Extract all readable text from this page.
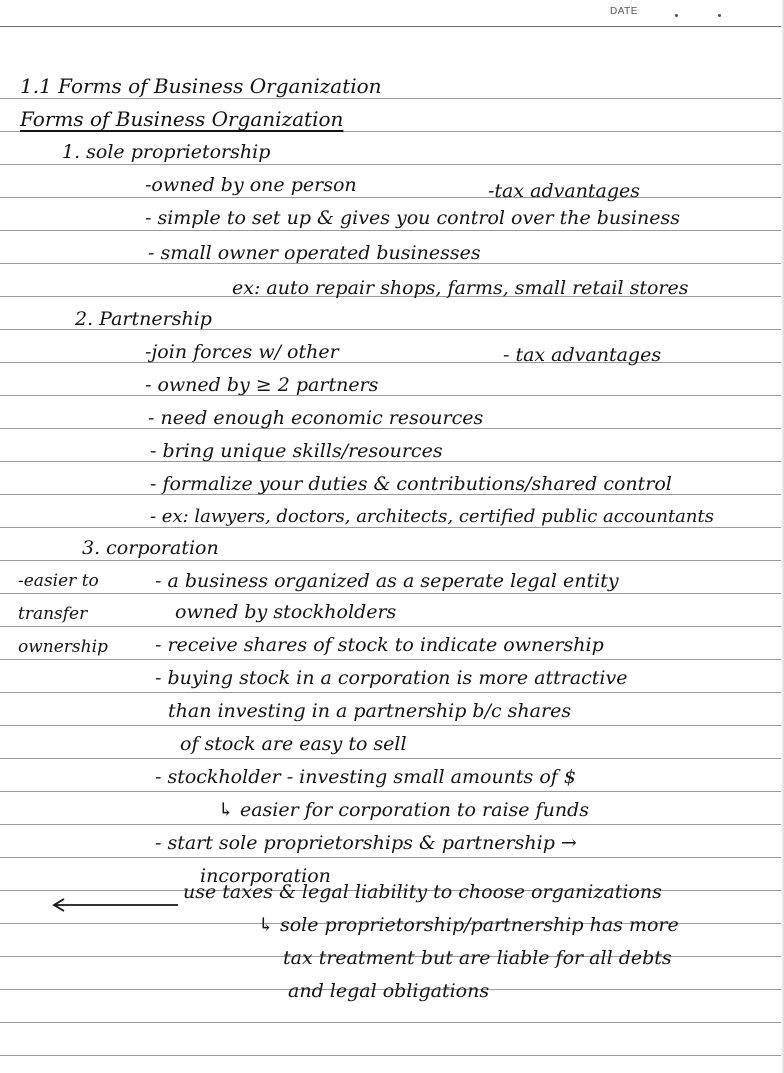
DATE
1.1 Forms of Business Organization
Forms of Business Organization
1. sole proprietorship
-owned by one person	-tax advantages
- simple to set up & gives you control over the business
- small owner operated businesses
ex: auto repair shops, farms, small retail stores
2. Partnership
-join forces w/ other	- tax advantages
- owned by ≥ 2 partners
- need enough economic resources
- bring unique skills/resources
- formalize your duties & contributions/shared control
- ex: lawyers, doctors, architects, certified public accountants
3. corporation
-easier to
transfer
ownership
- a business organized as a seperate legal entity
owned by stockholders
- receive shares of stock to indicate ownership
- buying stock in a corporation is more attractive
than investing in a partnership b/c shares
of stock are easy to sell
- stockholder - investing small amounts of $
↳ easier for corporation to raise funds
- start sole proprietorships & partnership →
incorporation
use taxes & legal liability to choose organizations
↳ sole proprietorship/partnership has more
tax treatment but are liable for all debts
and legal obligations
